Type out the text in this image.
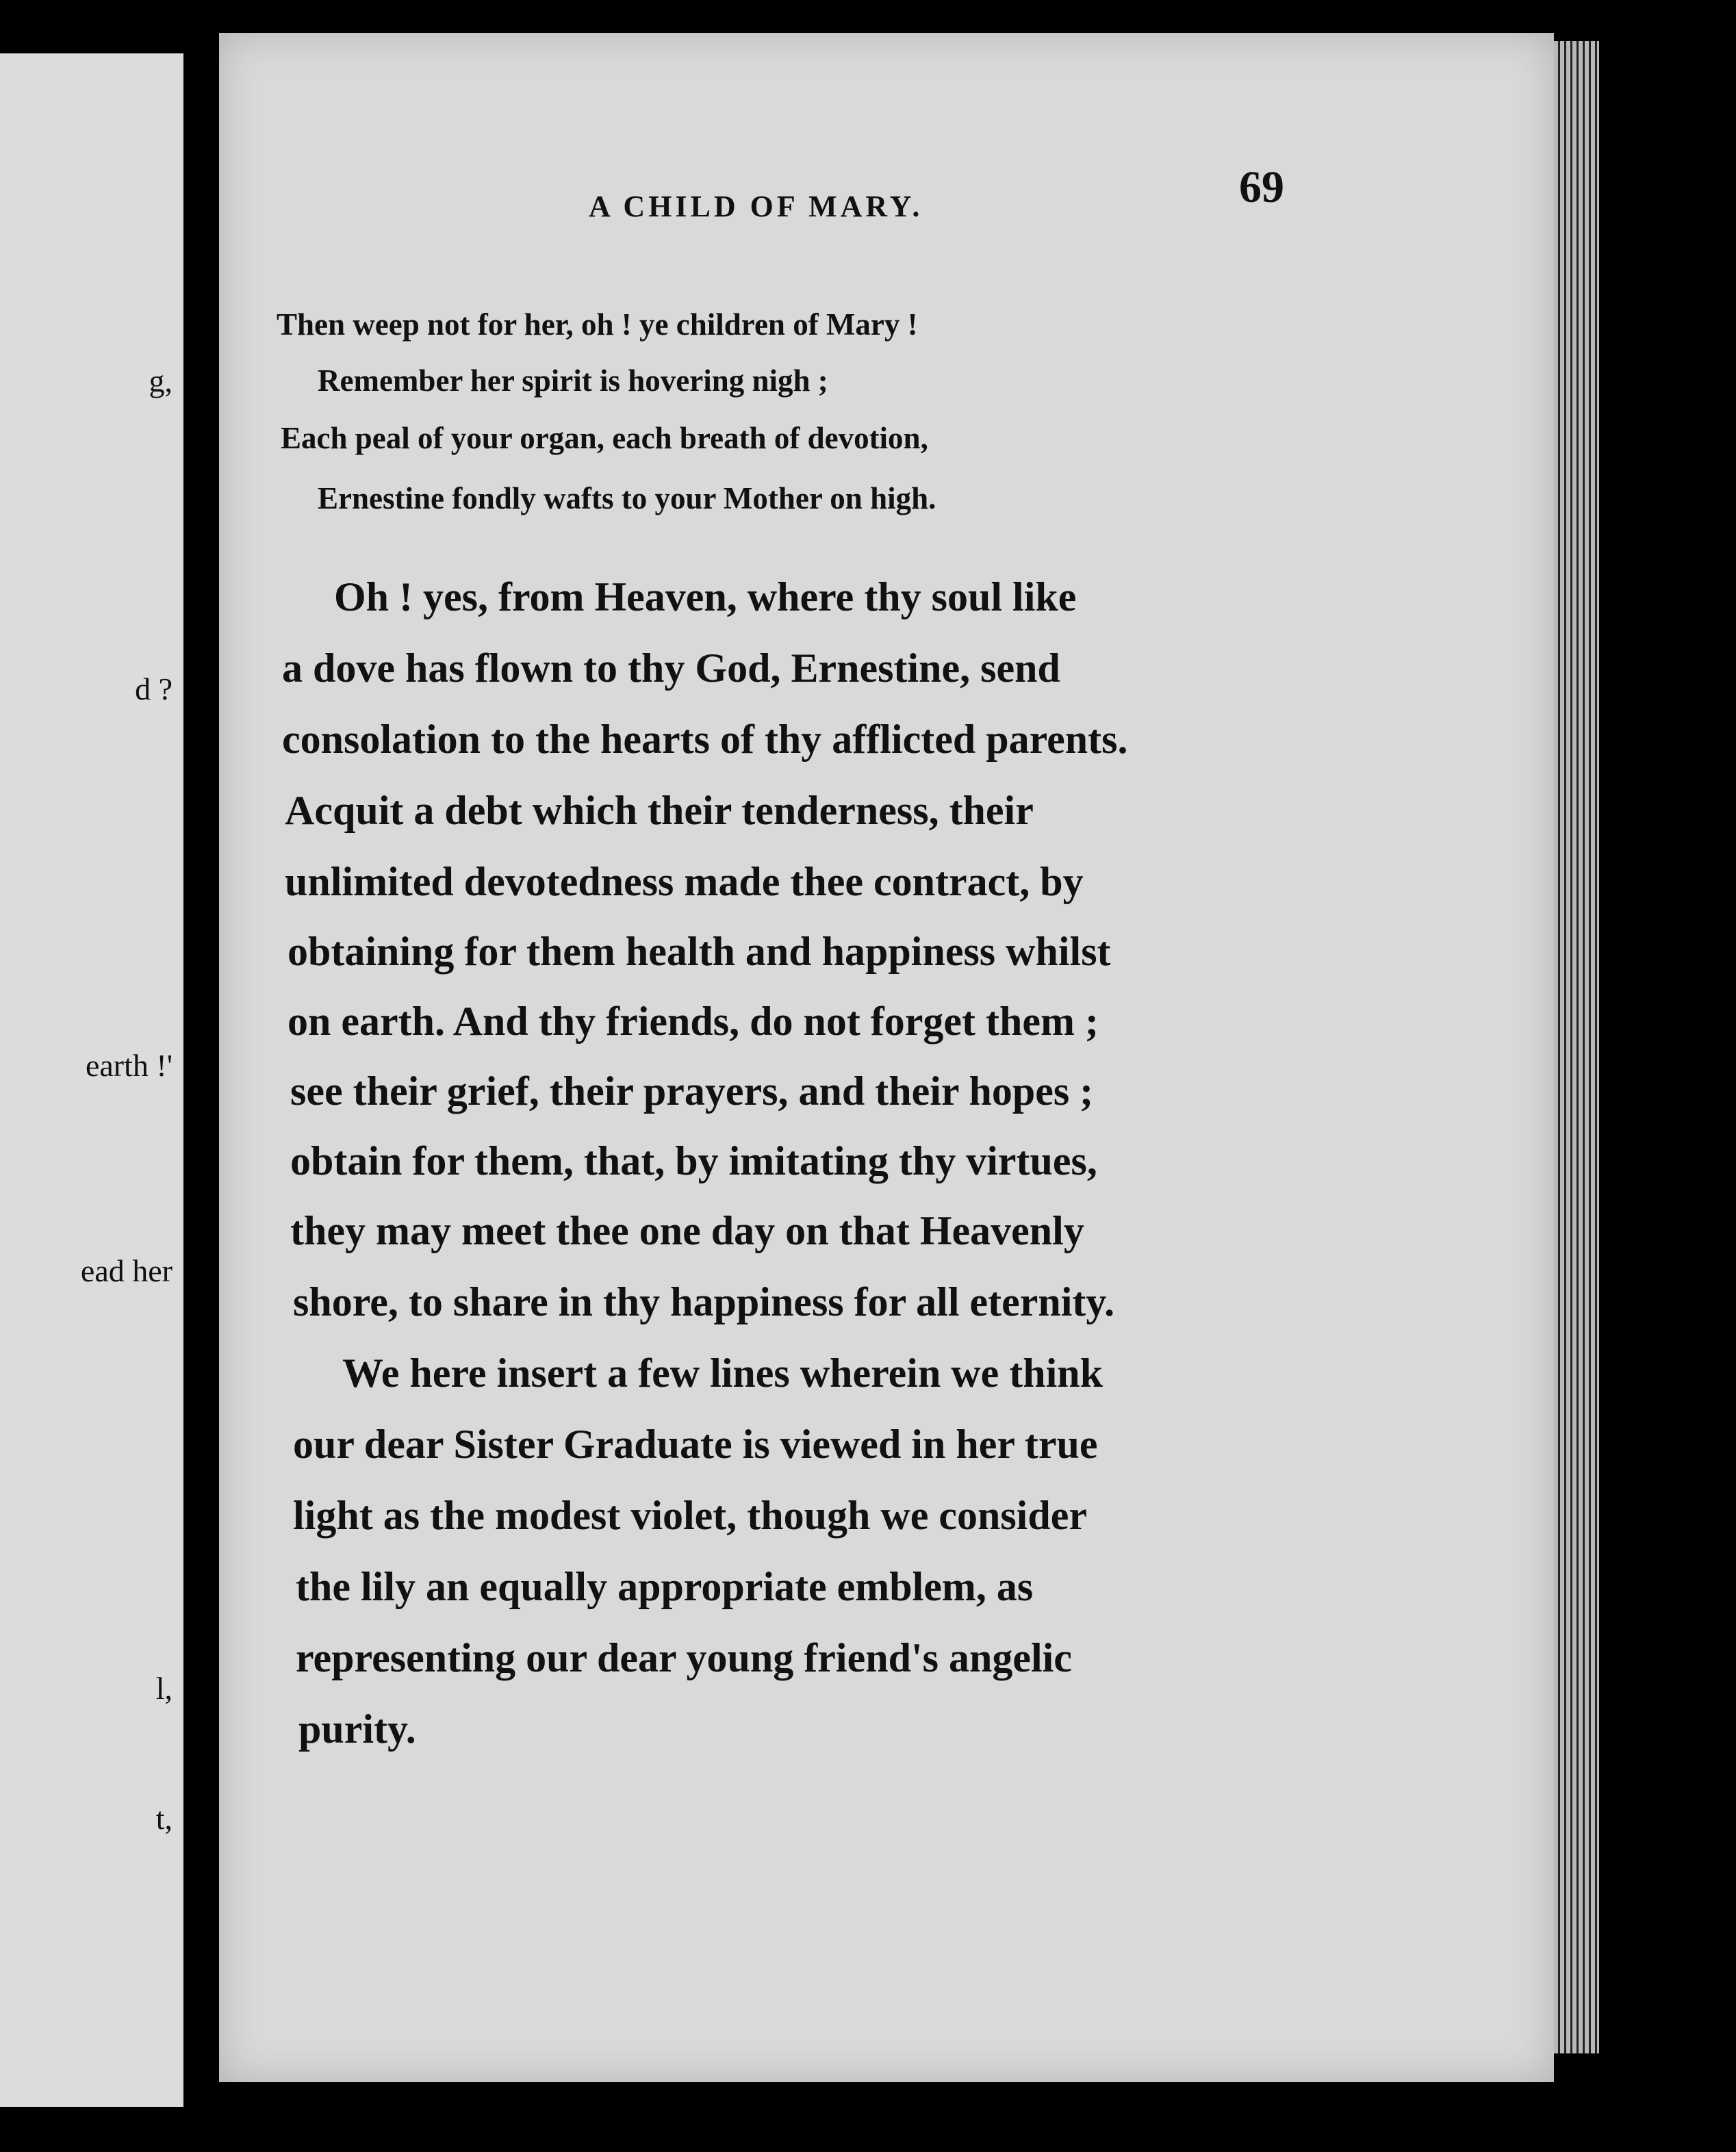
g,
d ?
earth !'
ead her
l,
t,
A CHILD OF MARY.	69
Then weep not for her, oh ! ye children of Mary !
Remember her spirit is hovering nigh ;
Each peal of your organ, each breath of devotion,
Ernestine fondly wafts to your Mother on high.
Oh ! yes, from Heaven, where thy soul like
a dove has flown to thy God, Ernestine, send
consolation to the hearts of thy afflicted parents.
Acquit a debt which their tenderness, their
unlimited devotedness made thee contract, by
obtaining for them health and happiness whilst
on earth. And thy friends, do not forget them ;
see their grief, their prayers, and their hopes ;
obtain for them, that, by imitating thy virtues,
they may meet thee one day on that Heavenly
shore, to share in thy happiness for all eternity.
We here insert a few lines wherein we think
our dear Sister Graduate is viewed in her true
light as the modest violet, though we consider
the lily an equally appropriate emblem, as
representing our dear young friend's angelic
purity.
